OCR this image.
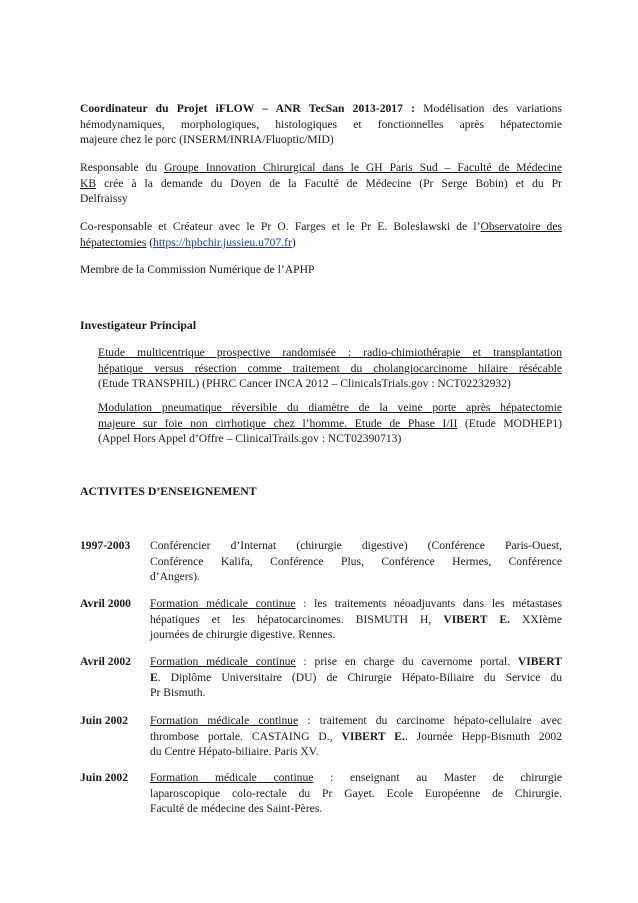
Coordinateur du Projet iFLOW – ANR TecSan 2013-2017 : Modélisation des variations
hémodynamiques, morphologiques, histologiques et fonctionnelles après hépatectomie
majeure chez le porc (INSERM/INRIA/Fluoptic/MID)
Responsable du Groupe Innovation Chirurgical dans le GH Paris Sud – Faculté de Médecine
KB crée à la demande du Doyen de la Faculté de Médecine (Pr Serge Bobin) et du Pr
Delfraissy
Co-responsable et Créateur avec le Pr O. Farges et le Pr E. Boleslawski de l’Observatoire des
hépatectomies (https://hpbchir.jussieu.u707.fr)
Membre de la Commission Numérique de l’APHP
Investigateur Principal
Etude multicentrique prospective randomisée : radio-chimiothérapie et transplantation
hépatique versus résection comme traitement du cholangiocarcinome hilaire résécable
(Etude TRANSPHIL) (PHRC Cancer INCA 2012 – ClinicalsTrials.gov : NCT02232932)
Modulation pneumatique réversible du diamètre de la veine porte après hépatectomie
majeure sur foie non cirrhotique chez l’homme. Etude de Phase I/II (Etude MODHEP1)
(Appel Hors Appel d’Offre – ClinicalTrails.gov : NCT02390713)
ACTIVITES D’ENSEIGNEMENT
1997-2003	Conférencier d’Internat (chirurgie digestive) (Conférence Paris-Ouest,
Conférence Kalifa, Conférence Plus, Conférence Hermes, Conférence
d’Angers).
Avril 2000	Formation médicale continue : les traitements néoadjuvants dans les métastases
hépatiques et les hépatocarcinomes. BISMUTH H, VIBERT E. XXIème
journées de chirurgie digestive. Rennes.
Avril 2002	Formation médicale continue : prise en charge du cavernome portal. VIBERT
E. Diplôme Universitaire (DU) de Chirurgie Hépato-Biliaire du Service du
Pr Bismuth.
Juin 2002	Formation médicale continue : traitement du carcinome hépato-cellulaire avec
thrombose portale. CASTAING D., VIBERT E.. Journée Hepp-Bismuth 2002
du Centre Hépato-biliaire. Paris XV.
Juin 2002	Formation médicale continue : enseignant au Master de chirurgie
laparoscopique colo-rectale du Pr Gayet. Ecole Européenne de Chirurgie.
Faculté de médecine des Saint-Pères.
